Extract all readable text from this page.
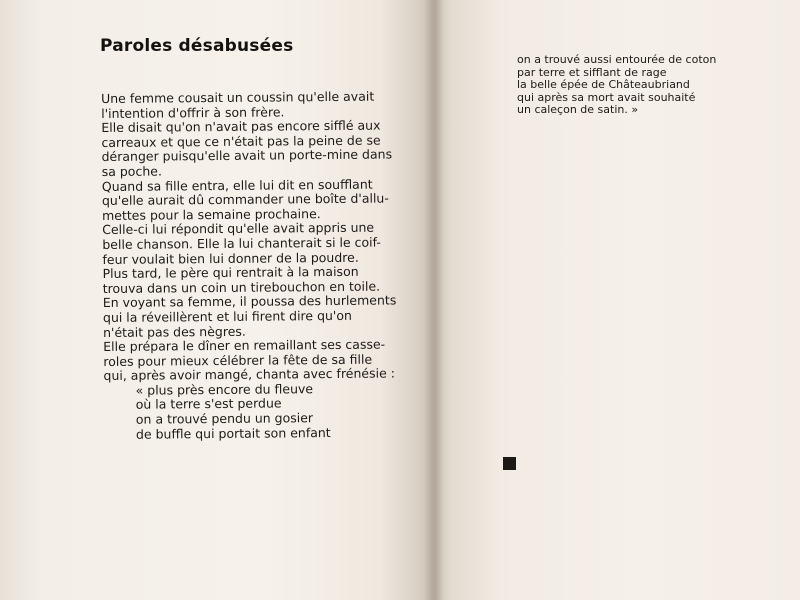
Paroles désabusées
Une femme cousait un coussin qu'elle avait
l'intention d'offrir à son frère.
Elle disait qu'on n'avait pas encore sifflé aux
carreaux et que ce n'était pas la peine de se
déranger puisqu'elle avait un porte-mine dans
sa poche.
Quand sa fille entra, elle lui dit en soufflant
qu'elle aurait dû commander une boîte d'allu-
mettes pour la semaine prochaine.
Celle-ci lui répondit qu'elle avait appris une
belle chanson. Elle la lui chanterait si le coif-
feur voulait bien lui donner de la poudre.
Plus tard, le père qui rentrait à la maison
trouva dans un coin un tirebouchon en toile.
En voyant sa femme, il poussa des hurlements
qui la réveillèrent et lui firent dire qu'on
n'était pas des nègres.
Elle prépara le dîner en remaillant ses casse-
roles pour mieux célébrer la fête de sa fille
qui, après avoir mangé, chanta avec frénésie :
« plus près encore du fleuve
où la terre s'est perdue
on a trouvé pendu un gosier
de buffle qui portait son enfant
on a trouvé aussi entourée de coton
par terre et sifflant de rage
la belle épée de Châteaubriand
qui après sa mort avait souhaité
un caleçon de satin. »
